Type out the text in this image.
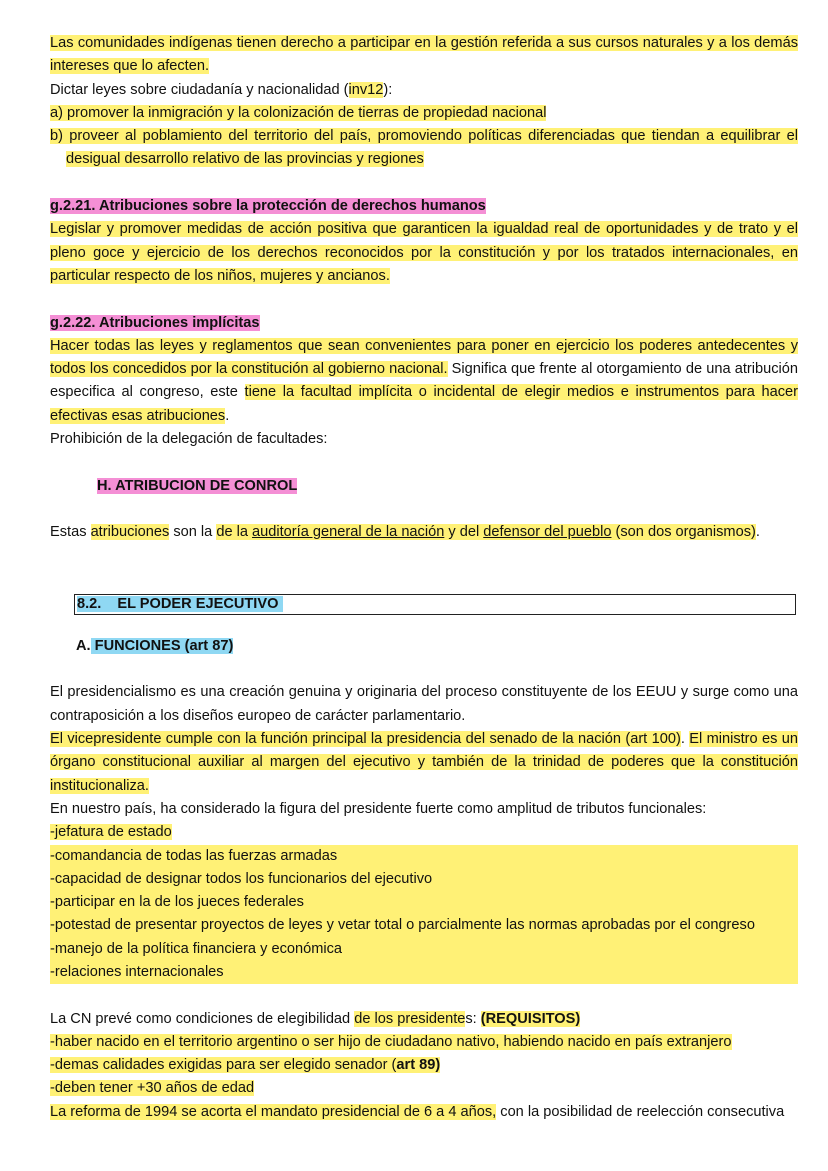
Las comunidades indígenas tienen derecho a participar en la gestión referida a sus cursos naturales y a los demás intereses que lo afecten.

Dictar leyes sobre ciudadanía y nacionalidad (inv12):

a) promover la inmigración y la colonización de tierras de propiedad nacional

b) proveer al poblamiento del territorio del país, promoviendo políticas diferenciadas que tiendan a equilibrar el desigual desarrollo relativo de las provincias y regiones

g.2.21. Atribuciones sobre la protección de derechos humanos

Legislar y promover medidas de acción positiva que garanticen la igualdad real de oportunidades y de trato y el pleno goce y ejercicio de los derechos reconocidos por la constitución y por los tratados internacionales, en particular respecto de los niños, mujeres y ancianos.

g.2.22. Atribuciones implícitas

Hacer todas las leyes y reglamentos que sean convenientes para poner en ejercicio los poderes antedecentes y todos los concedidos por la constitución al gobierno nacional. Significa que frente al otorgamiento de una atribución especifica al congreso, este tiene la facultad implícita o incidental de elegir medios e instrumentos para hacer efectivas esas atribuciones.

Prohibición de la delegación de facultades:

H. ATRIBUCION DE CONROL

Estas atribuciones son la de la auditoría general de la nación y del defensor del pueblo (son dos organismos).

8.2. EL PODER EJECUTIVO

A. FUNCIONES (art 87)

El presidencialismo es una creación genuina y originaria del proceso constituyente de los EEUU y surge como una contraposición a los diseños europeo de carácter parlamentario.

El vicepresidente cumple con la función principal la presidencia del senado de la nación (art 100). El ministro es un órgano constitucional auxiliar al margen del ejecutivo y también de la trinidad de poderes que la constitución institucionaliza.

En nuestro país, ha considerado la figura del presidente fuerte como amplitud de tributos funcionales:

-jefatura de estado

-comandancia de todas las fuerzas armadas

-capacidad de designar todos los funcionarios del ejecutivo

-participar en la de los jueces federales

-potestad de presentar proyectos de leyes y vetar total o parcialmente las normas aprobadas por el congreso

-manejo de la política financiera y económica

-relaciones internacionales

La CN prevé como condiciones de elegibilidad de los presidentes: (REQUISITOS)

-haber nacido en el territorio argentino o ser hijo de ciudadano nativo, habiendo nacido en país extranjero

-demas calidades exigidas para ser elegido senador (art 89)

-deben tener +30 años de edad

La reforma de 1994 se acorta el mandato presidencial de 6 a 4 años, con la posibilidad de reelección consecutiva
